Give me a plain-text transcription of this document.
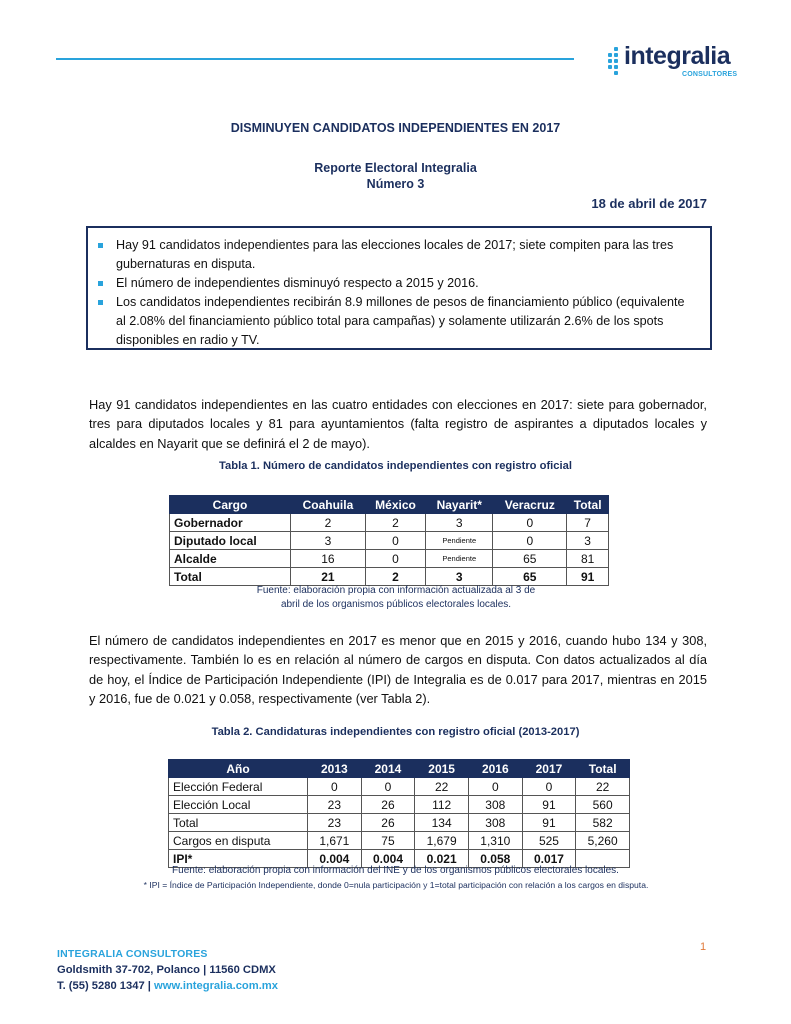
integralia
CONSULTORES
DISMINUYEN CANDIDATOS INDEPENDIENTES EN 2017
Reporte Electoral Integralia
Número 3
18 de abril de 2017
Hay 91 candidatos independientes para las elecciones locales de 2017; siete compiten para las tres gubernaturas en disputa.
El número de independientes disminuyó respecto a 2015 y 2016.
Los candidatos independientes recibirán 8.9 millones de pesos de financiamiento público (equivalente al 2.08% del financiamiento público total para campañas) y solamente utilizarán 2.6% de los spots disponibles en radio y TV.
Hay 91 candidatos independientes en las cuatro entidades con elecciones en 2017: siete para gobernador, tres para diputados locales y 81 para ayuntamientos (falta registro de aspirantes a diputados locales y alcaldes en Nayarit que se definirá el 2 de mayo).
Tabla 1. Número de candidatos independientes con registro oficial
Cargo	Coahuila	México	Nayarit*	Veracruz	Total
Gobernador	2	2	3	0	7
Diputado local	3	0	Pendiente	0	3
Alcalde	16	0	Pendiente	65	81
Total	21	2	3	65	91
Fuente: elaboración propia con información actualizada al 3 de abril de los organismos públicos electorales locales.
El número de candidatos independientes en 2017 es menor que en 2015 y 2016, cuando hubo 134 y 308, respectivamente. También lo es en relación al número de cargos en disputa. Con datos actualizados al día de hoy, el Índice de Participación Independiente (IPI) de Integralia es de 0.017 para 2017, mientras en 2015 y 2016, fue de 0.021 y 0.058, respectivamente (ver Tabla 2).
Tabla 2. Candidaturas independientes con registro oficial (2013-2017)
Año	2013	2014	2015	2016	2017	Total
Elección Federal	0	0	22	0	0	22
Elección Local	23	26	112	308	91	560
Total	23	26	134	308	91	582
Cargos en disputa	1,671	75	1,679	1,310	525	5,260
IPI*	0.004	0.004	0.021	0.058	0.017	
Fuente: elaboración propia con información del INE y de los organismos públicos electorales locales.
* IPI = Índice de Participación Independiente, donde 0=nula participación y 1=total participación con relación a los cargos en disputa.
1
INTEGRALIA CONSULTORES
Goldsmith 37-702, Polanco | 11560 CDMX
T. (55) 5280 1347 | www.integralia.com.mx
